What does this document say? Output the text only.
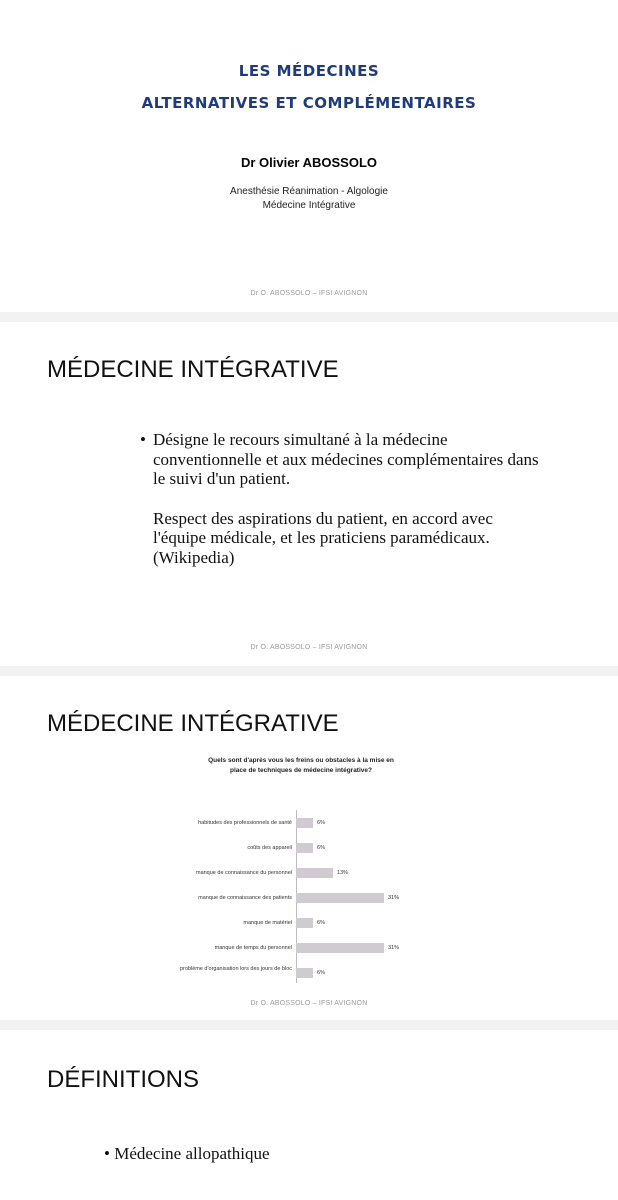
LES MÉDECINES
ALTERNATIVES ET COMPLÉMENTAIRES
Dr Olivier ABOSSOLO
Anesthésie Réanimation - Algologie
Médecine Intégrative
Dr O. ABOSSOLO – IFSI AVIGNON
MÉDECINE INTÉGRATIVE
• Désigne le recours simultané à la médecine conventionnelle et aux médecines complémentaires dans le suivi d'un patient.
Respect des aspirations du patient, en accord avec l'équipe médicale, et les praticiens paramédicaux. (Wikipedia)
Dr O. ABOSSOLO – IFSI AVIGNON
MÉDECINE INTÉGRATIVE
Quels sont d'après vous les freins ou obstacles à la mise en place de techniques de médecine intégrative?
Dr O. ABOSSOLO – IFSI AVIGNON
habitudes des professionnels de santé	6%
coûts des appareil	6%
manque de connaissance du personnel	13%
manque de connaissance des patients	31%
manque de matériel	6%
manque de temps du personnel	31%
problème d'organisation lors des jours de bloc
6%
DÉFINITIONS
• Médecine allopathique
